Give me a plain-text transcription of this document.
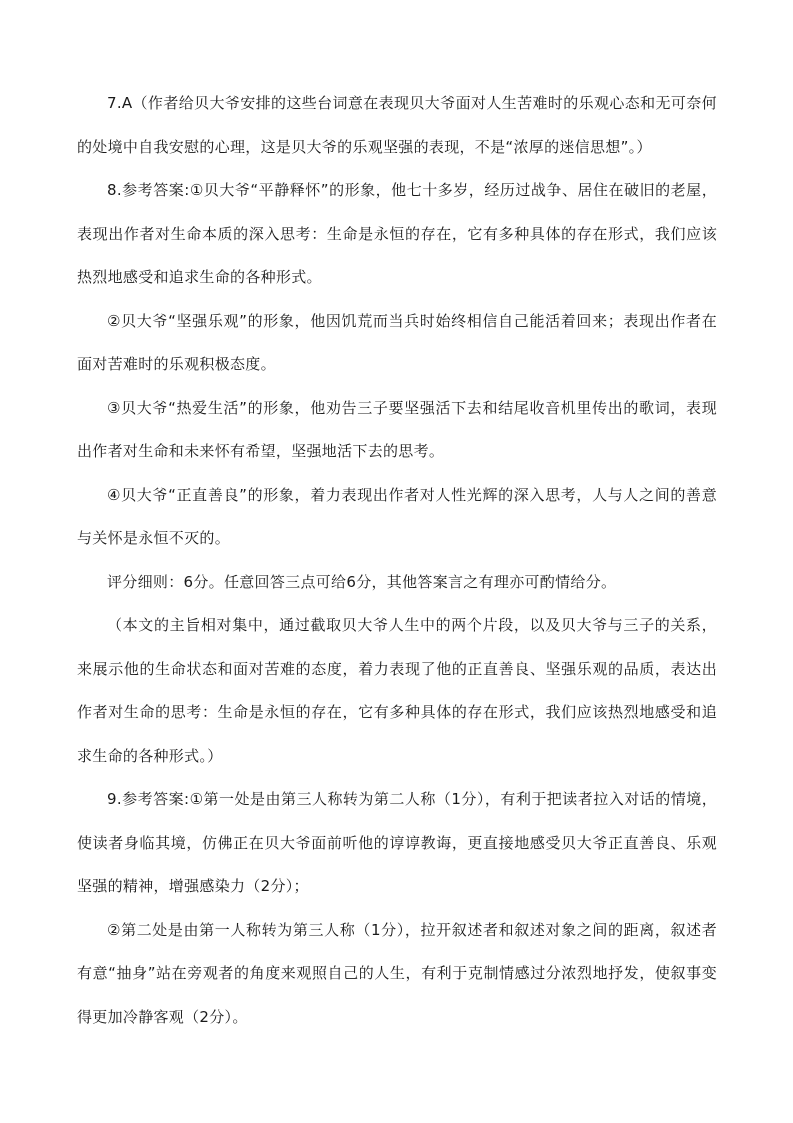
7.A（作者给贝大爷安排的这些台词意在表现贝大爷面对人生苦难时的乐观心态和无可奈何的处境中自我安慰的心理，这是贝大爷的乐观坚强的表现，不是“浓厚的迷信思想”。）

8.参考答案:①贝大爷“平静释怀”的形象，他七十多岁，经历过战争、居住在破旧的老屋，表现出作者对生命本质的深入思考：生命是永恒的存在，它有多种具体的存在形式，我们应该热烈地感受和追求生命的各种形式。

②贝大爷“坚强乐观”的形象，他因饥荒而当兵时始终相信自己能活着回来；表现出作者在面对苦难时的乐观积极态度。

③贝大爷“热爱生活”的形象，他劝告三子要坚强活下去和结尾收音机里传出的歌词，表现出作者对生命和未来怀有希望，坚强地活下去的思考。

④贝大爷“正直善良”的形象，着力表现出作者对人性光辉的深入思考，人与人之间的善意与关怀是永恒不灭的。

评分细则：6分。任意回答三点可给6分，其他答案言之有理亦可酌情给分。

（本文的主旨相对集中，通过截取贝大爷人生中的两个片段，以及贝大爷与三子的关系，来展示他的生命状态和面对苦难的态度，着力表现了他的正直善良、坚强乐观的品质，表达出作者对生命的思考：生命是永恒的存在，它有多种具体的存在形式，我们应该热烈地感受和追求生命的各种形式。）

9.参考答案:①第一处是由第三人称转为第二人称（1分），有利于把读者拉入对话的情境，使读者身临其境，仿佛正在贝大爷面前听他的谆谆教诲，更直接地感受贝大爷正直善良、乐观坚强的精神，增强感染力（2分）；

②第二处是由第一人称转为第三人称（1分），拉开叙述者和叙述对象之间的距离，叙述者有意“抽身”站在旁观者的角度来观照自己的人生，有利于克制情感过分浓烈地抒发，使叙事变得更加冷静客观（2分）。
